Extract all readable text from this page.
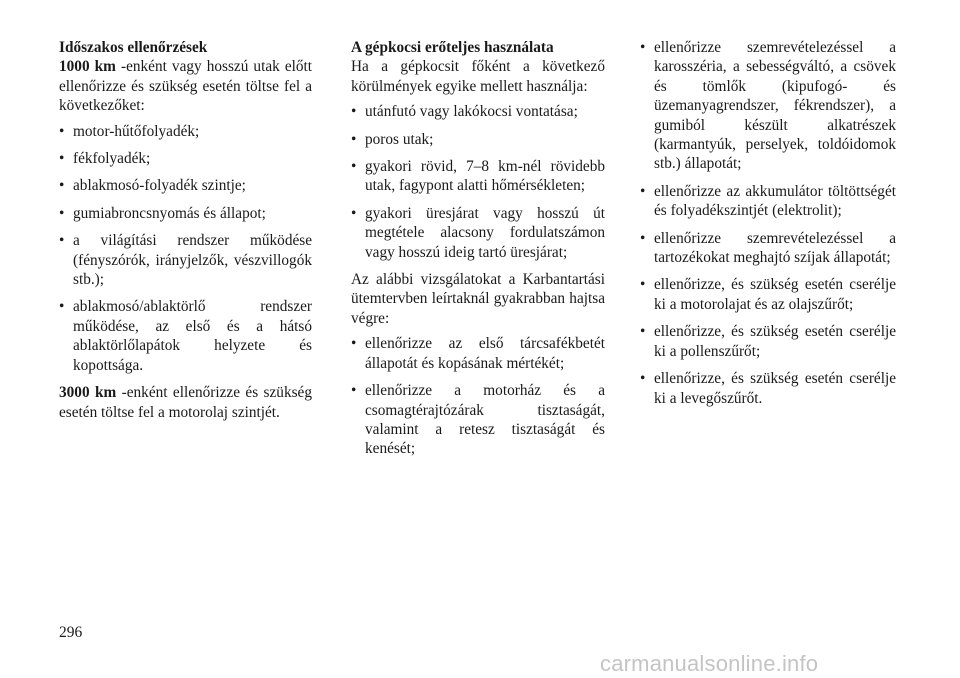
Időszakos ellenőrzések

1000 km -enként vagy hosszú utak előtt ellenőrizze és szükség esetén töltse fel a következőket:

• motor-hűtőfolyadék;
• fékfolyadék;
• ablakmosó-folyadék szintje;
• gumiabroncsnyomás és állapot;
• a világítási rendszer működése (fényszórók, irányjelzők, vészvillogók stb.);
• ablakmosó/ablaktörlő rendszer működése, az első és a hátsó ablaktörlőlapátok helyzete és kopottsága.

3000 km -enként ellenőrizze és szükség esetén töltse fel a motorolaj szintjét.

A gépkocsi erőteljes használata

Ha a gépkocsit főként a következő körülmények egyike mellett használja:

• utánfutó vagy lakókocsi vontatása;
• poros utak;
• gyakori rövid, 7–8 km-nél rövidebb utak, fagypont alatti hőmérsékleten;
• gyakori üresjárat vagy hosszú út megtétele alacsony fordulatszámon vagy hosszú ideig tartó üresjárat;

Az alábbi vizsgálatokat a Karbantartási ütemtervben leírtaknál gyakrabban hajtsa végre:

• ellenőrizze az első tárcsafékbetét állapotát és kopásának mértékét;
• ellenőrizze a motorház és a csomagtérajtózárak tisztaságát, valamint a retesz tisztaságát és kenését;
• ellenőrizze szemrevételezéssel a karosszéria, a sebességváltó, a csövek és tömlők (kipufogó- és üzemanyagrendszer, fékrendszer), a gumiból készült alkatrészek (karmantyúk, perselyek, toldóidomok stb.) állapotát;
• ellenőrizze az akkumulátor töltöttségét és folyadékszintjét (elektrolit);
• ellenőrizze szemrevételezéssel a tartozékokat meghajtó szíjak állapotát;
• ellenőrizze, és szükség esetén cserélje ki a motorolajat és az olajszűrőt;
• ellenőrizze, és szükség esetén cserélje ki a pollenszűrőt;
• ellenőrizze, és szükség esetén cserélje ki a levegőszűrőt.
296
carmanualsonline.info
